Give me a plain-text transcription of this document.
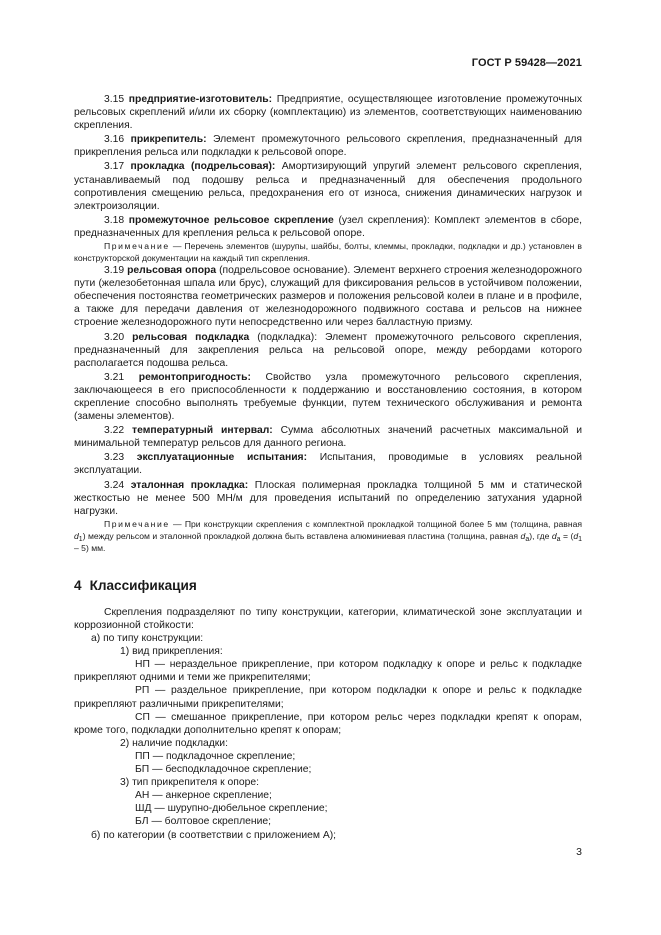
ГОСТ Р 59428—2021

3.15 предприятие-изготовитель: Предприятие, осуществляющее изготовление промежуточных рельсовых скреплений и/или их сборку (комплектацию) из элементов, соответствующих наименованию скрепления.

3.16 прикрепитель: Элемент промежуточного рельсового скрепления, предназначенный для прикрепления рельса или подкладки к рельсовой опоре.

3.17 прокладка (подрельсовая): Амортизирующий упругий элемент рельсового скрепления, устанавливаемый под подошву рельса и предназначенный для обеспечения продольного сопротивления смещению рельса, предохранения его от износа, снижения динамических нагрузок и электроизоляции.

3.18 промежуточное рельсовое скрепление (узел скрепления): Комплект элементов в сборе, предназначенных для крепления рельса к рельсовой опоре.

Примечание — Перечень элементов (шурупы, шайбы, болты, клеммы, прокладки, подкладки и др.) установлен в конструкторской документации на каждый тип скрепления.

3.19 рельсовая опора (подрельсовое основание). Элемент верхнего строения железнодорожного пути (железобетонная шпала или брус), служащий для фиксирования рельсов в устойчивом положении, обеспечения постоянства геометрических размеров и положения рельсовой колеи в плане и в профиле, а также для передачи давления от железнодорожного подвижного состава и рельсов на нижнее строение железнодорожного пути непосредственно или через балластную призму.

3.20 рельсовая подкладка (подкладка): Элемент промежуточного рельсового скрепления, предназначенный для закрепления рельса на рельсовой опоре, между ребордами которого располагается подошва рельса.

3.21 ремонтопригодность: Свойство узла промежуточного рельсового скрепления, заключающееся в его приспособленности к поддержанию и восстановлению состояния, в котором скрепление способно выполнять требуемые функции, путем технического обслуживания и ремонта (замены элементов).

3.22 температурный интервал: Сумма абсолютных значений расчетных максимальной и минимальной температур рельсов для данного региона.

3.23 эксплуатационные испытания: Испытания, проводимые в условиях реальной эксплуатации.

3.24 эталонная прокладка: Плоская полимерная прокладка толщиной 5 мм и статической жесткостью не менее 500 МН/м для проведения испытаний по определению затухания ударной нагрузки.

Примечание — При конструкции скрепления с комплектной прокладкой толщиной более 5 мм (толщина, равная $d_1$) между рельсом и эталонной прокладкой должна быть вставлена алюминиевая пластина (толщина, равная $d_a$), где $d_a = (d_1 - 5)$ мм.

4 Классификация

Скрепления подразделяют по типу конструкции, категории, климатической зоне эксплуатации и коррозионной стойкости:

а) по типу конструкции:

1) вид прикрепления:

НП — нераздельное прикрепление, при котором подкладку к опоре и рельс к подкладке прикрепляют одними и теми же прикрепителями;

РП — раздельное прикрепление, при котором подкладки к опоре и рельс к подкладке прикрепляют различными прикрепителями;

СП — смешанное прикрепление, при котором рельс через подкладки крепят к опорам, кроме того, подкладки дополнительно крепят к опорам;

2) наличие подкладки:

ПП — подкладочное скрепление;

БП — бесподкладочное скрепление;

3) тип прикрепителя к опоре:

АН — анкерное скрепление;

ШД — шурупно-дюбельное скрепление;

БЛ — болтовое скрепление;

б) по категории (в соответствии с приложением А);

3
